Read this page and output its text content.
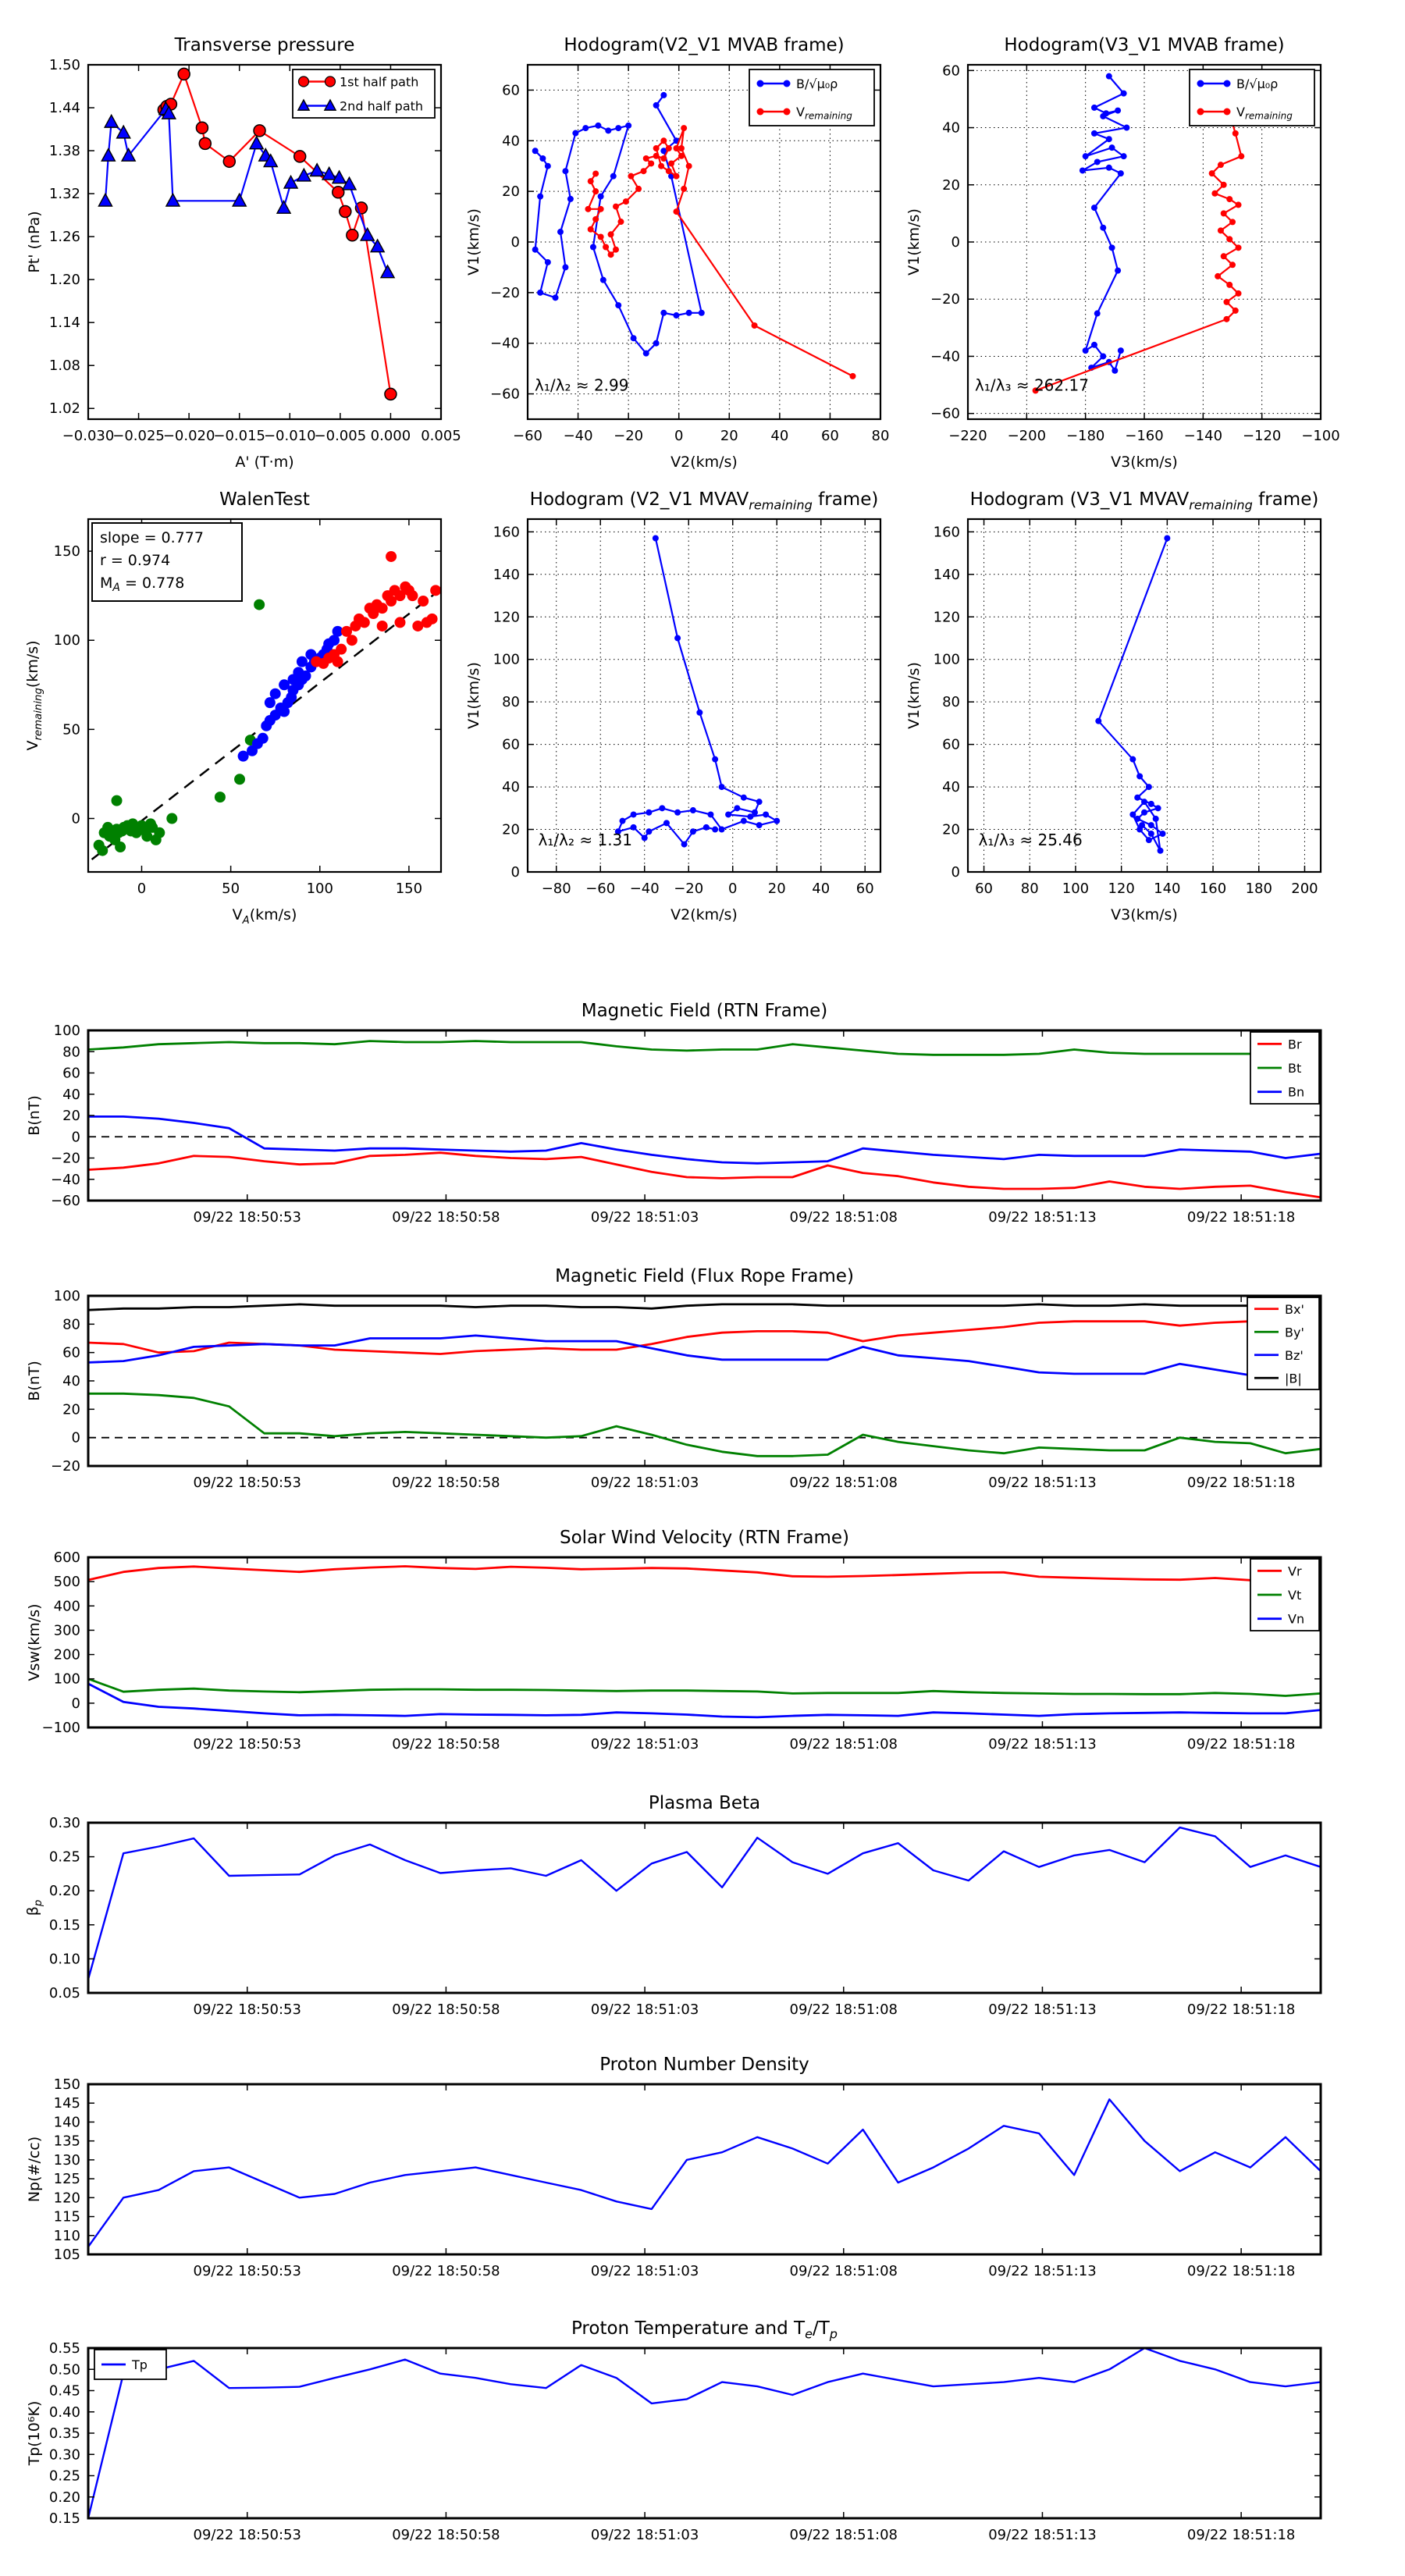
Transverse pressure
A' (T·m)
Pt' (nPa)
−0.030
−0.025
−0.020
−0.015
−0.010
−0.005 0.000 0.005
1.02
1.08
1.14
1.20
1.26
1.32
1.38
1.44
1.50
1st half path
2nd half path
Hodogram(V2_V1 MVAB frame)
V2(km/s)
V1(km/s)
−60 −40 −20 0	20 40 60 80
−60
−40
−20
0
20
40
60	B/√μ₀ρ
$V_{remaining}$
λ₁/λ₂ ≈ 2.99
Hodogram(V3_V1 MVAB frame)
V3(km/s)
V1(km/s)
−220 −200 −180 −160 −140 −120 −100
−60
−40
−20
0
20
40
60
B/√μ₀ρ
$V_{remaining}$
λ₁/λ₃ ≈ 262.17
WalenTest
$V_A(km/s)$
$V_{remaining}(km/s)$
0	50	100	150
0
50
100
150
slope = 0.777
r = 0.974
$M_A = 0.778$
Hodogram (V2_V1 $MVAV_{remaining}$ frame)
V2(km/s)
V1(km/s)
−80 −60 −40 −20 0 20 40 60
0
20
40
60
80
100
120
140
160
λ₁/λ₂ ≈ 1.31
Hodogram (V3_V1 $MVAV_{remaining}$ frame)
V3(km/s)
V1(km/s)
60 80 100 120 140 160 180 200
0
20
40
60
80
100
120
140
160
λ₁/λ₃ ≈ 25.46
Magnetic Field (RTN Frame)
B(nT)
09/22 18:50:53	09/22 18:50:58	09/22 18:51:03	09/22 18:51:08	09/22 18:51:13	09/22 18:51:18
−60
−40
−20
0
20
40
60
80
100
Br
Bt
Bn
Magnetic Field (Flux Rope Frame)
B(nT)
09/22 18:50:53	09/22 18:50:58	09/22 18:51:03	09/22 18:51:08	09/22 18:51:13	09/22 18:51:18
−20
0
20
40
60
80
100
Bx'
By'
Bz'
|B|
Solar Wind Velocity (RTN Frame)
Vsw(km/s)
09/22 18:50:53	09/22 18:50:58	09/22 18:51:03	09/22 18:51:08	09/22 18:51:13	09/22 18:51:18
−100
0
100
200
300
400
500
600
Vr
Vt
Vn
Plasma Beta
$\beta_p$
09/22 18:50:53	09/22 18:50:58	09/22 18:51:03	09/22 18:51:08	09/22 18:51:13	09/22 18:51:18
0.05
0.10
0.15
0.20
0.25
0.30
Proton Number Density
Np(#/cc)
09/22 18:50:53	09/22 18:50:58	09/22 18:51:03	09/22 18:51:08	09/22 18:51:13	09/22 18:51:18
105
110
115
120
125
130
135
140
145
150
Proton Temperature and $T_e/T_p$
Tp(10⁶K)
09/22 18:50:53	09/22 18:50:58	09/22 18:51:03	09/22 18:51:08	09/22 18:51:13	09/22 18:51:18
0.15
0.20
0.25
0.30
0.35
0.40
0.45
0.50
0.55
Tp
